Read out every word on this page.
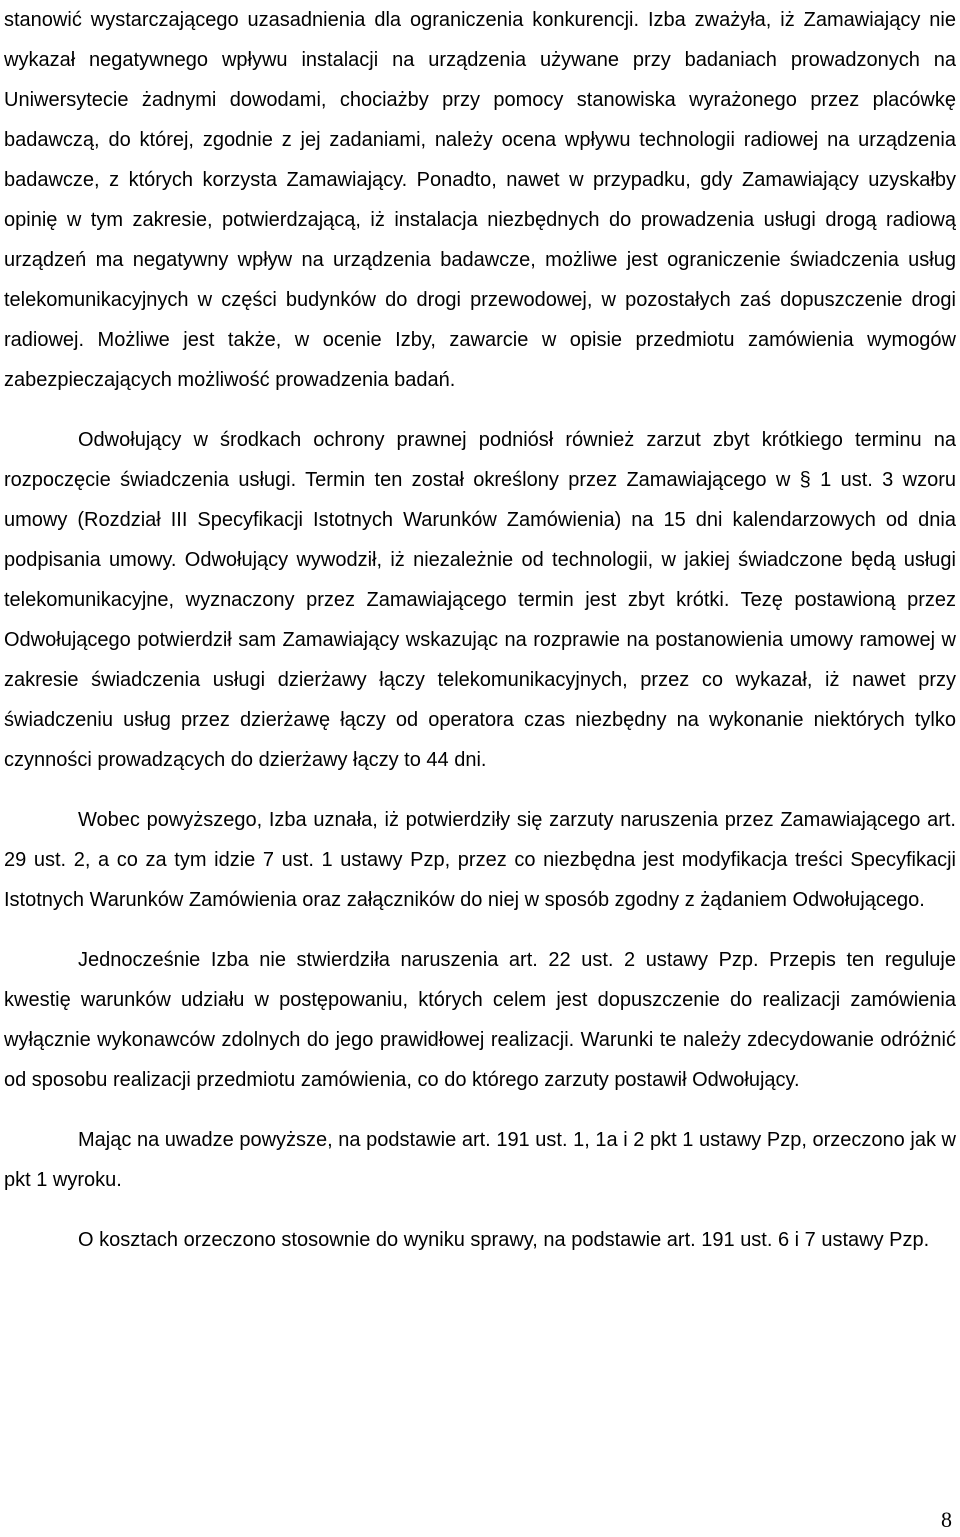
stanowić wystarczającego uzasadnienia dla ograniczenia konkurencji. Izba zważyła, iż Zamawiający nie wykazał negatywnego wpływu instalacji na urządzenia używane przy badaniach prowadzonych na Uniwersytecie żadnymi dowodami, chociażby przy pomocy stanowiska wyrażonego przez placówkę badawczą, do której, zgodnie z jej zadaniami, należy ocena wpływu technologii radiowej na urządzenia badawcze, z których korzysta Zamawiający. Ponadto, nawet w przypadku, gdy Zamawiający uzyskałby opinię w tym zakresie, potwierdzającą, iż instalacja niezbędnych do prowadzenia usługi drogą radiową urządzeń ma negatywny wpływ na urządzenia badawcze, możliwe jest ograniczenie świadczenia usług telekomunikacyjnych w części budynków do drogi przewodowej, w pozostałych zaś dopuszczenie drogi radiowej. Możliwe jest także, w ocenie Izby, zawarcie w opisie przedmiotu zamówienia wymogów zabezpieczających możliwość prowadzenia badań.

Odwołujący w środkach ochrony prawnej podniósł również zarzut zbyt krótkiego terminu na rozpoczęcie świadczenia usługi. Termin ten został określony przez Zamawiającego w § 1 ust. 3 wzoru umowy (Rozdział III Specyfikacji Istotnych Warunków Zamówienia) na 15 dni kalendarzowych od dnia podpisania umowy. Odwołujący wywodził, iż niezależnie od technologii, w jakiej świadczone będą usługi telekomunikacyjne, wyznaczony przez Zamawiającego termin jest zbyt krótki. Tezę postawioną przez Odwołującego potwierdził sam Zamawiający wskazując na rozprawie na postanowienia umowy ramowej w zakresie świadczenia usługi dzierżawy łączy telekomunikacyjnych, przez co wykazał, iż nawet przy świadczeniu usług przez dzierżawę łączy od operatora czas niezbędny na wykonanie niektórych tylko czynności prowadzących do dzierżawy łączy to 44 dni.

Wobec powyższego, Izba uznała, iż potwierdziły się zarzuty naruszenia przez Zamawiającego art. 29 ust. 2, a co za tym idzie 7 ust. 1 ustawy Pzp, przez co niezbędna jest modyfikacja treści Specyfikacji Istotnych Warunków Zamówienia oraz załączników do niej w sposób zgodny z żądaniem Odwołującego.

Jednocześnie Izba nie stwierdziła naruszenia art. 22 ust. 2 ustawy Pzp. Przepis ten reguluje kwestię warunków udziału w postępowaniu, których celem jest dopuszczenie do realizacji zamówienia wyłącznie wykonawców zdolnych do jego prawidłowej realizacji. Warunki te należy zdecydowanie odróżnić od sposobu realizacji przedmiotu zamówienia, co do którego zarzuty postawił Odwołujący.

Mając na uwadze powyższe, na podstawie art. 191 ust. 1, 1a i 2 pkt 1 ustawy Pzp, orzeczono jak w pkt 1 wyroku.

O kosztach orzeczono stosownie do wyniku sprawy, na podstawie art. 191 ust. 6 i 7 ustawy Pzp.

8
